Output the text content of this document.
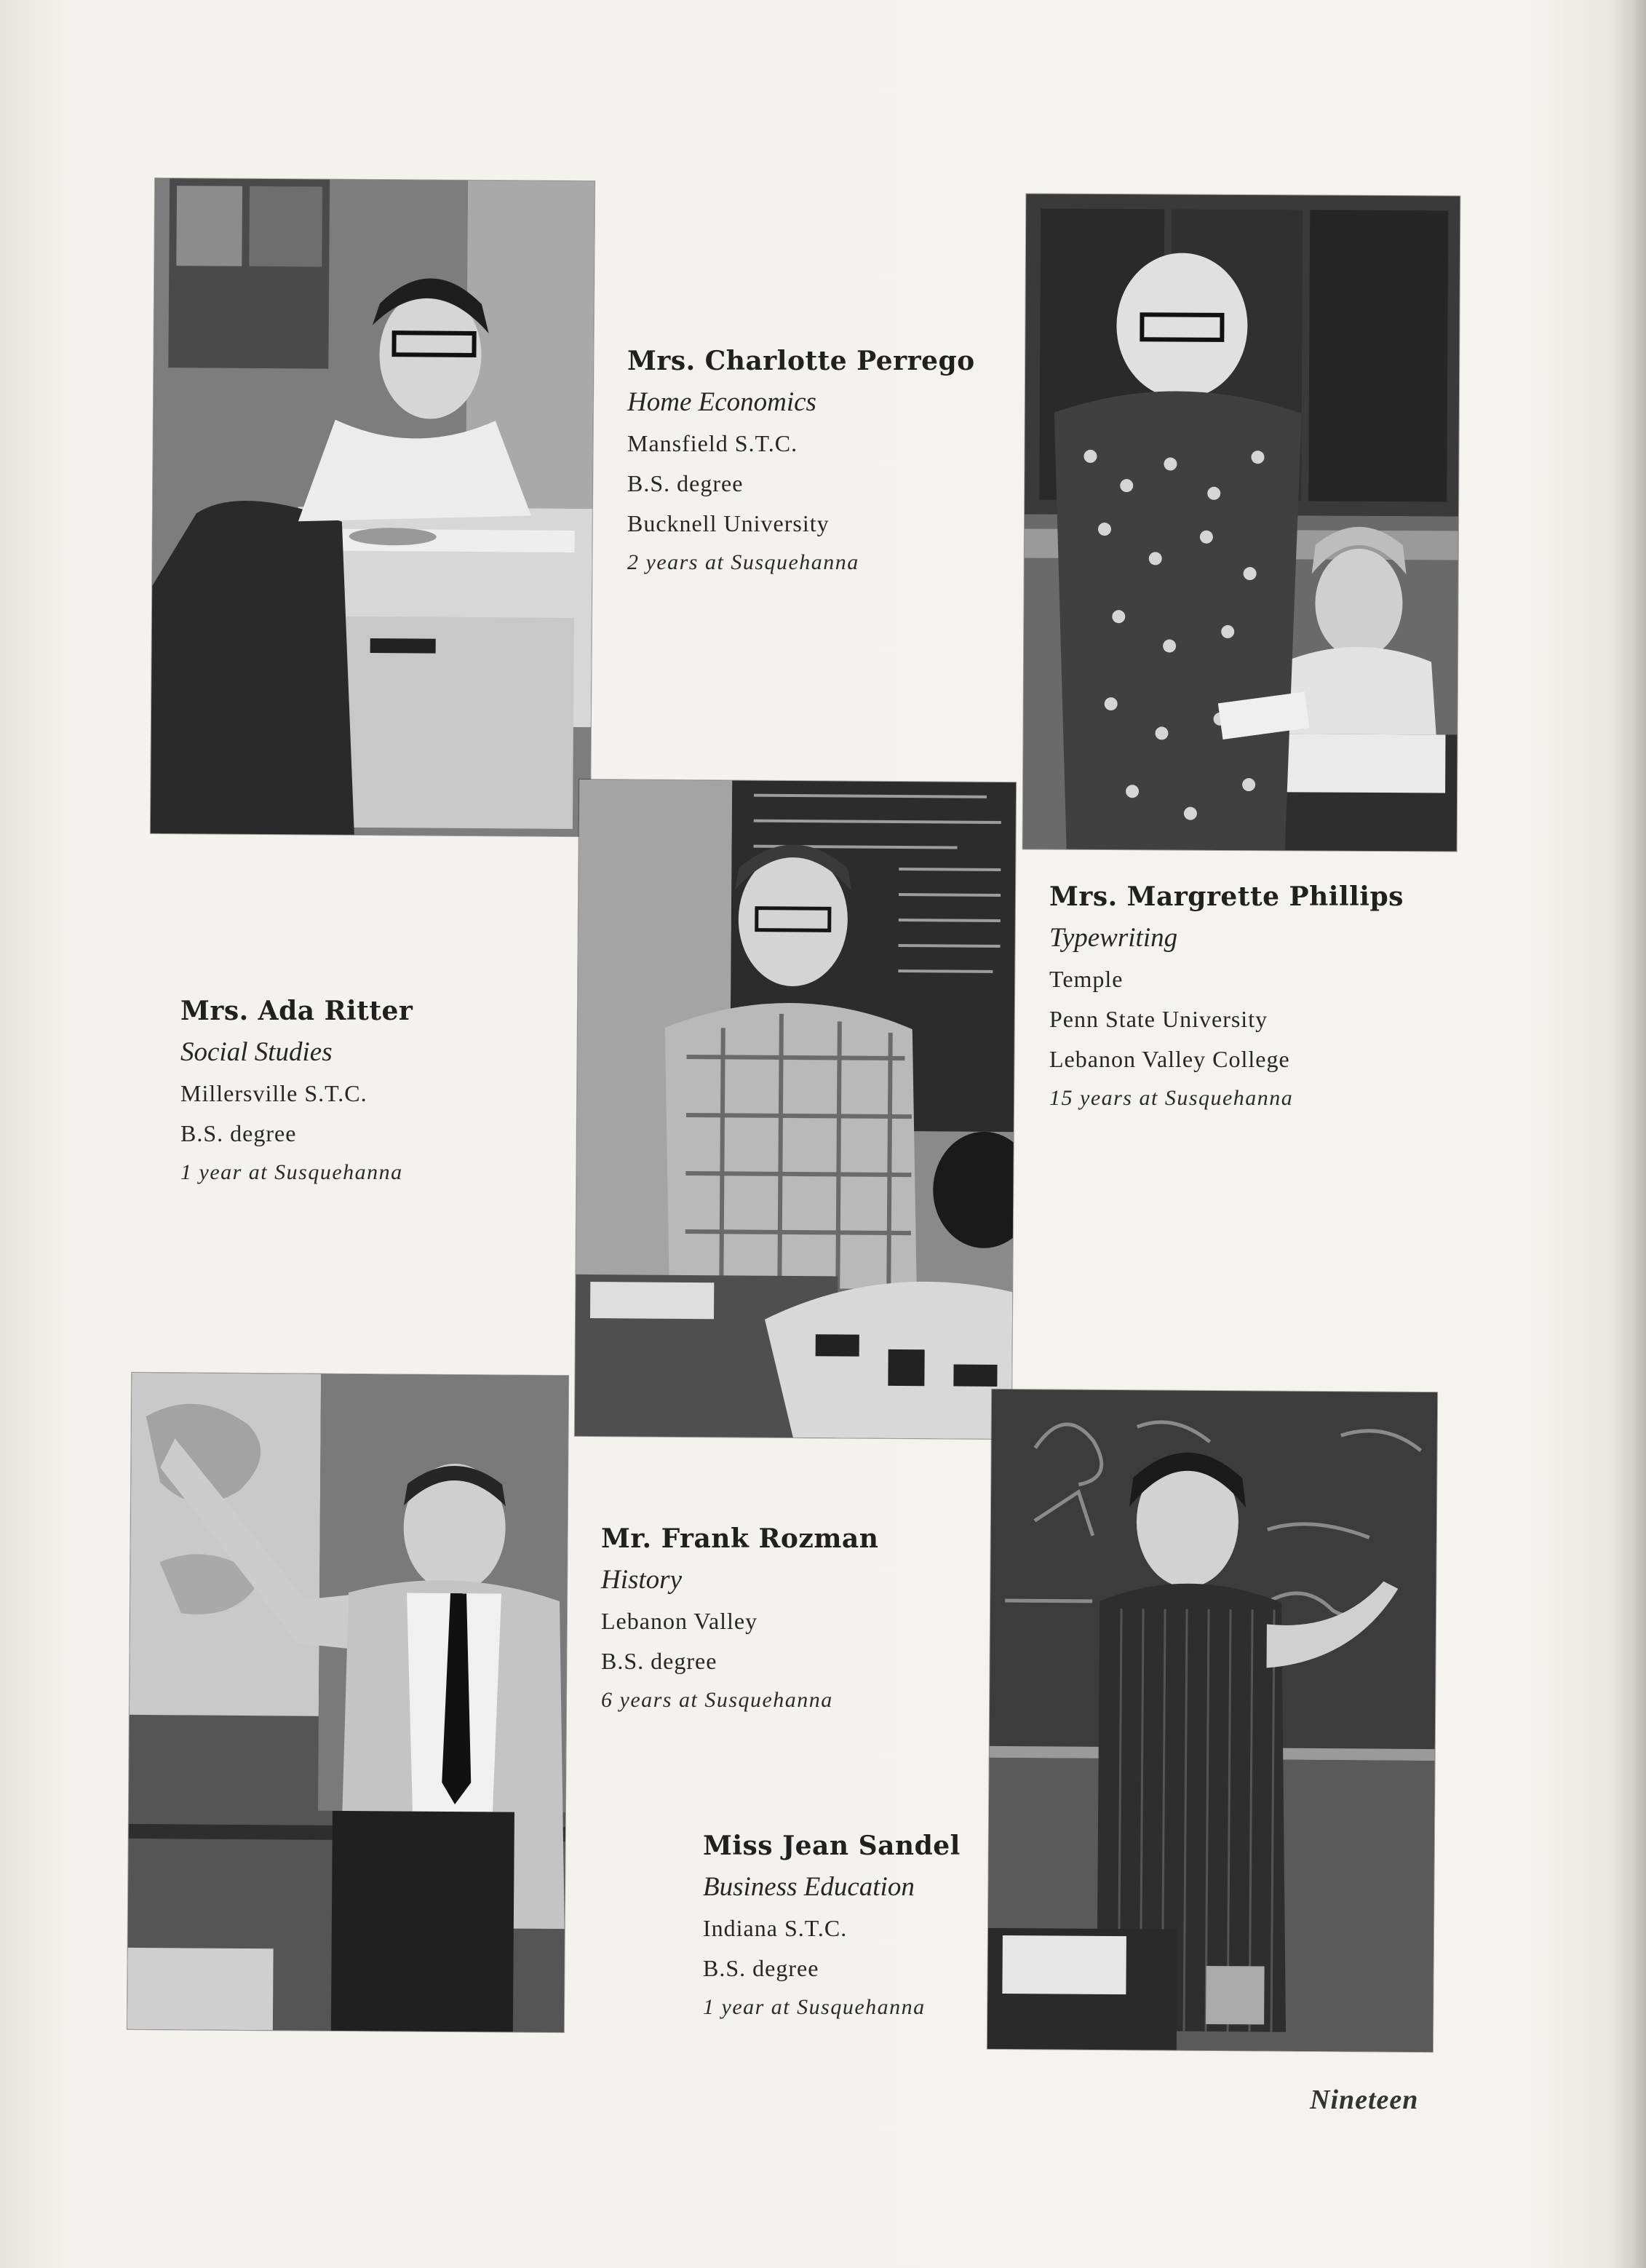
Mrs. Charlotte Perrego
Home Economics
Mansfield S.T.C.
B.S. degree
Bucknell University
2 years at Susquehanna
Mrs. Margrette Phillips
Typewriting
Temple
Penn State University
Lebanon Valley College
15 years at Susquehanna
Mrs. Ada Ritter
Social Studies
Millersville S.T.C.
B.S. degree
1 year at Susquehanna
Mr. Frank Rozman
History
Lebanon Valley
B.S. degree
6 years at Susquehanna
Miss Jean Sandel
Business Education
Indiana S.T.C.
B.S. degree
1 year at Susquehanna
Nineteen
